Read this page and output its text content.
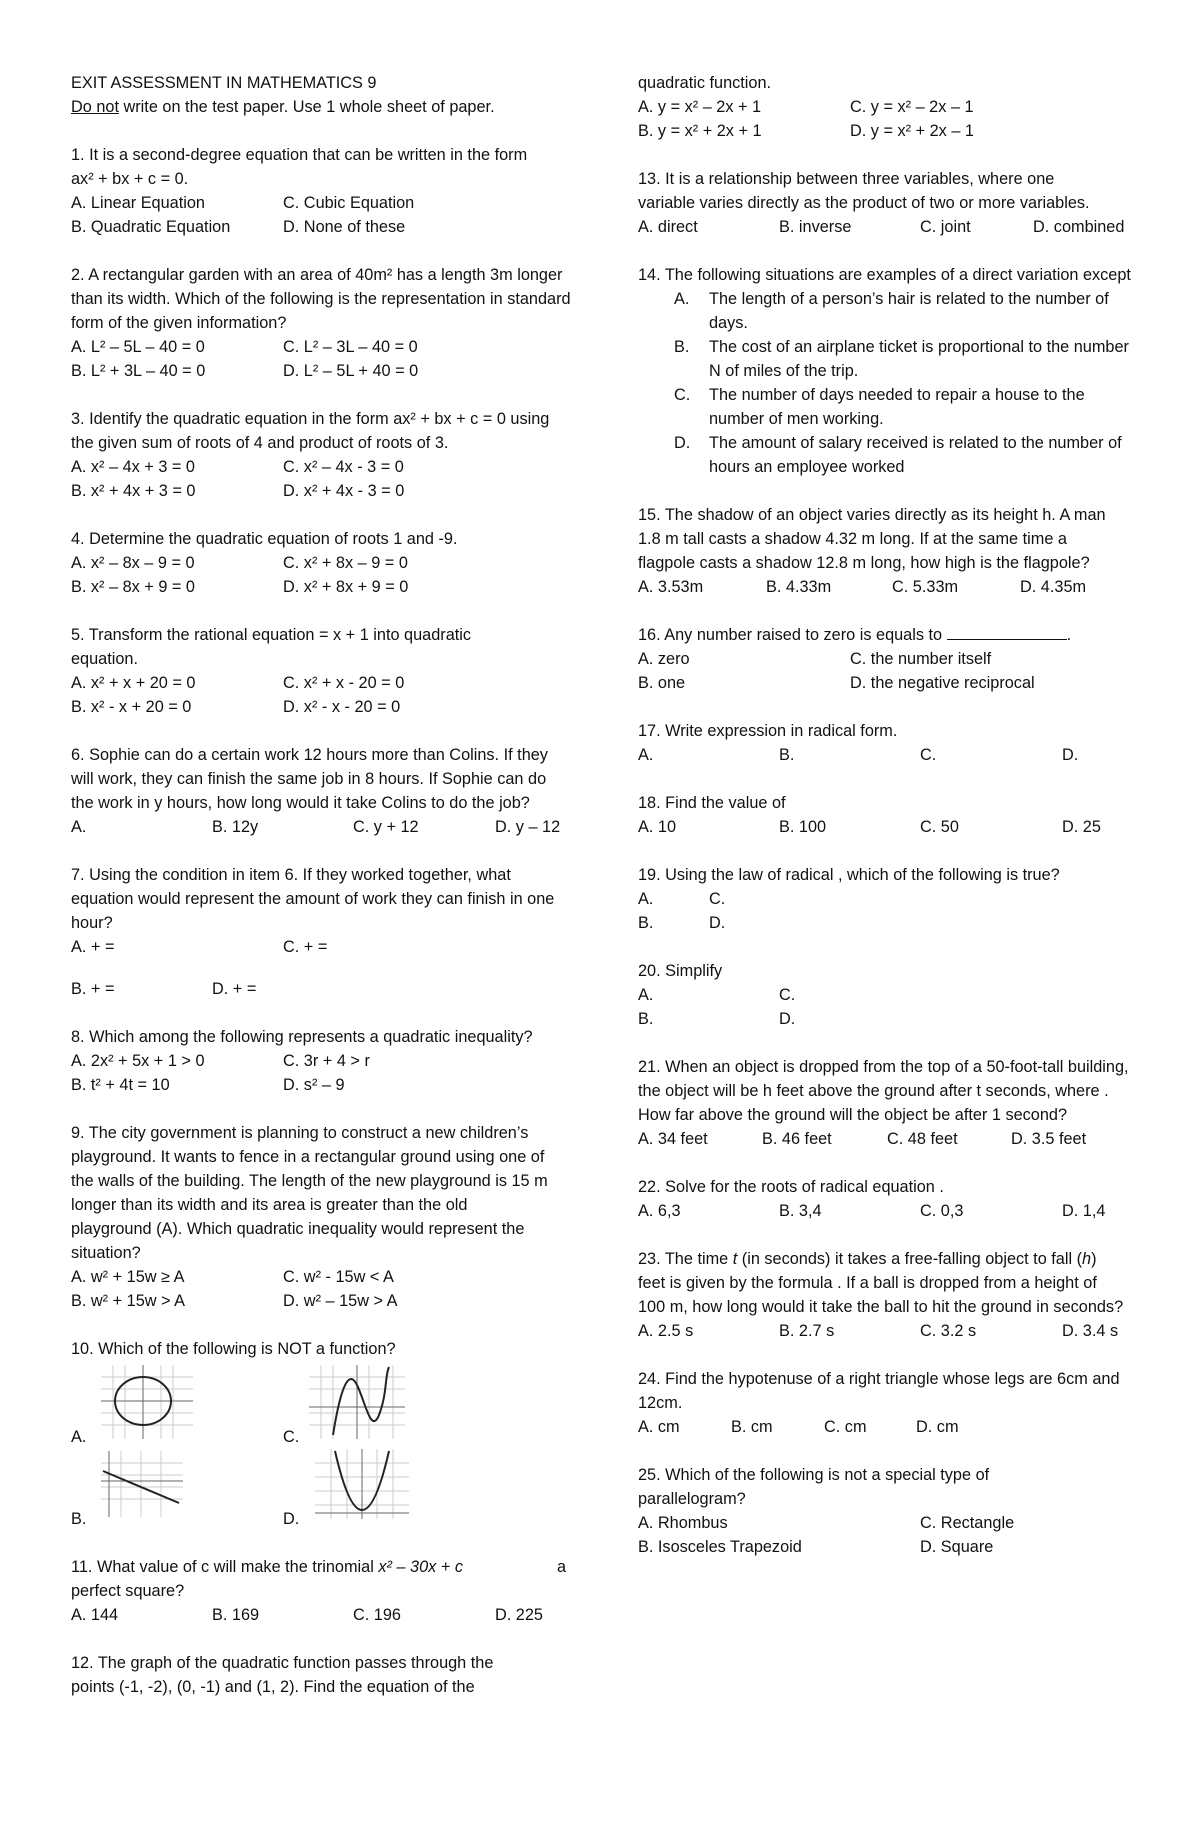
EXIT ASSESSMENT IN MATHEMATICS 9
Do not write on the test paper. Use 1 whole sheet of paper.
1. It is a second-degree equation that can be written in the form ax² + bx + c = 0.
A. Linear Equation	C. Cubic Equation
B. Quadratic Equation	D. None of these
2. A rectangular garden with an area of 40m² has a length 3m longer than its width. Which of the following is the representation in standard form of the given information?
A. L² – 5L – 40 = 0	C. L² – 3L – 40 = 0
B. L² + 3L – 40 = 0	D. L² – 5L + 40 = 0
3. Identify the quadratic equation in the form ax² + bx + c = 0 using the given sum of roots of 4 and product of roots of 3.
A. x² – 4x + 3 = 0	C. x² – 4x - 3 = 0
B. x² + 4x + 3 = 0	D. x² + 4x - 3 = 0
4. Determine the quadratic equation of roots 1 and -9.
A. x² – 8x – 9 = 0	C. x² + 8x – 9 = 0
B. x² – 8x + 9 = 0	D. x² + 8x + 9 = 0
5. Transform the rational equation = x + 1 into quadratic equation.
A. x² + x + 20 = 0	C. x² + x - 20 = 0
B. x² - x + 20 = 0	D. x² - x - 20 = 0
6. Sophie can do a certain work 12 hours more than Colins. If they will work, they can finish the same job in 8 hours. If Sophie can do the work in y hours, how long would it take Colins to do the job?
A.	B. 12y	C. y + 12	D. y – 12
7. Using the condition in item 6. If they worked together, what equation would represent the amount of work they can finish in one hour?
A. + =	C. + =
B. + =	D. + =
8. Which among the following represents a quadratic inequality?
A. 2x² + 5x + 1 > 0	C. 3r + 4 > r
B. t² + 4t = 10	D. s² – 9
9. The city government is planning to construct a new children’s playground. It wants to fence in a rectangular ground using one of the walls of the building. The length of the new playground is 15 m longer than its width and its area is greater than the old playground (A). Which quadratic inequality would represent the situation?
A. w² + 15w ≥ A	C. w² - 15w < A
B. w² + 15w > A	D. w² – 15w > A
10. Which of the following is NOT a function?
A.	C.
B.	D.
11. What value of c will make the trinomial x² – 30x + c	a
perfect square?
A. 144	B. 169	C. 196	D. 225
12. The graph of the quadratic function passes through the points (-1, -2), (0, -1) and (1, 2). Find the equation of the
quadratic function.
A. y = x² – 2x + 1	C. y = x² – 2x – 1
B. y = x² + 2x + 1	D. y = x² + 2x – 1
13. It is a relationship between three variables, where one variable varies directly as the product of two or more variables.
A. direct	B. inverse	C. joint	D. combined
14. The following situations are examples of a direct variation except
A. The length of a person’s hair is related to the number of days.
B. The cost of an airplane ticket is proportional to the number N of miles of the trip.
C. The number of days needed to repair a house to the number of men working.
D. The amount of salary received is related to the number of hours an employee worked
15. The shadow of an object varies directly as its height h. A man 1.8 m tall casts a shadow 4.32 m long. If at the same time a flagpole casts a shadow 12.8 m long, how high is the flagpole?
A. 3.53m	B. 4.33m	C. 5.33m	D. 4.35m
16. Any number raised to zero is equals to	.
A. zero	C. the number itself
B. one	D. the negative reciprocal
17. Write expression in radical form.
A.	B.	C.	D.
18. Find the value of
A. 10	B. 100	C. 50	D. 25
19. Using the law of radical , which of the following is true?
A.	C.
B.	D.
20. Simplify
A.	C.
B.	D.
21. When an object is dropped from the top of a 50-foot-tall building, the object will be h feet above the ground after t seconds, where . How far above the ground will the object be after 1 second?
A. 34 feet	B. 46 feet	C. 48 feet	D. 3.5 feet
22. Solve for the roots of radical equation .
A. 6,3	B. 3,4	C. 0,3	D. 1,4
23. The time t (in seconds) it takes a free-falling object to fall (h) feet is given by the formula . If a ball is dropped from a height of 100 m, how long would it take the ball to hit the ground in seconds?
A. 2.5 s	B. 2.7 s	C. 3.2 s	D. 3.4 s
24. Find the hypotenuse of a right triangle whose legs are 6cm and 12cm.
A. cm	B. cm	C. cm	D. cm
25. Which of the following is not a special type of parallelogram?
A. Rhombus	C. Rectangle
B. Isosceles Trapezoid	D. Square
